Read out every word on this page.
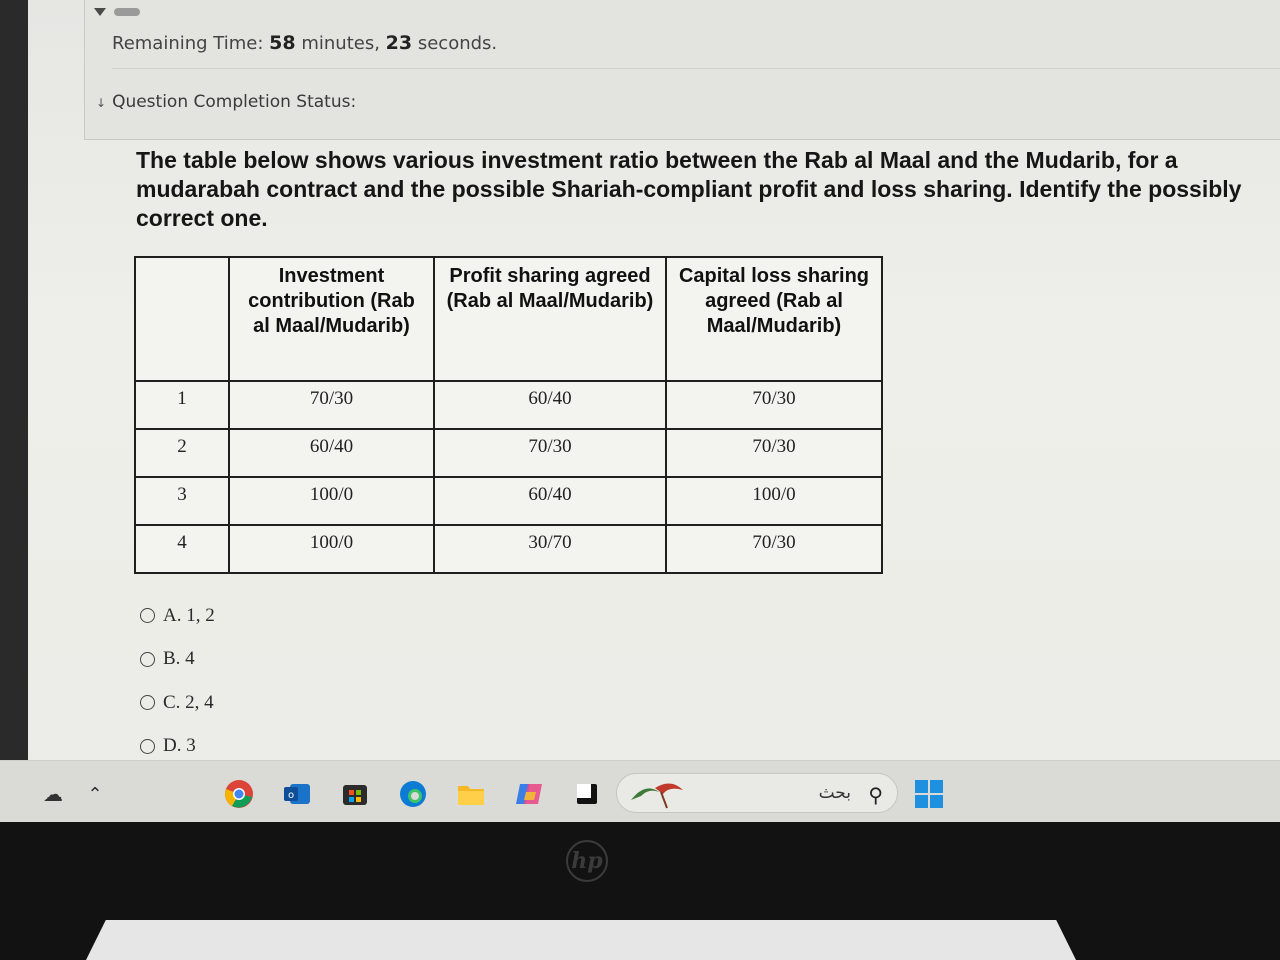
Remaining Time: 58 minutes, 23 seconds.
↓ Question Completion Status:
The table below shows various investment ratio between the Rab al Maal and the Mudarib, for a mudarabah contract and the possible Shariah-compliant profit and loss sharing. Identify the possibly correct one.
	Investment contribution (Rab al Maal/Mudarib)	Profit sharing agreed (Rab al Maal/Mudarib)	Capital loss sharing agreed (Rab al Maal/Mudarib)
1	70/30	60/40	70/30
2	60/40	70/30	70/30
3	100/0	60/40	100/0
4	100/0	30/70	70/30
A. 1, 2
B. 4
C. 2, 4
D. 3
☁	⌃	o	بحث ⚲
hp
